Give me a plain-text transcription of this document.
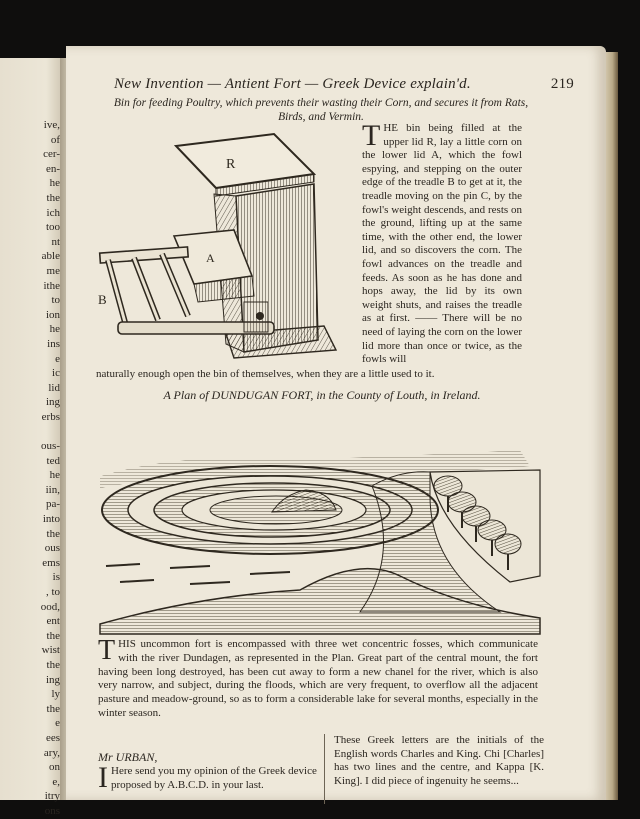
ive,
of
cer-
en-
he
the
ich
too
nt
able
me
ithe
to
ion
he
ins
e
ic
lid
ing
erbs

ous-
ted
he
iin,
pa-
into
the
ous
ems
is
, to
ood,
ent
the
wist
the
ing
ly
the
e
ees
ary,
on
e,
itry
ons
New Invention — Antient Fort — Greek Device explain'd.	219
Bin for feeding Poultry, which prevents their wasting their Corn, and secures it from Rats, Birds, and Vermin.
R
A
B
THE bin being filled at the upper lid R, lay a little corn on the lower lid A, which the fowl espying, and stepping on the outer edge of the treadle B to get at it, the treadle moving on the pin C, by the fowl's weight descends, and rests on the ground, lifting up at the same time, with the other end, the lower lid, and so discovers the corn. The fowl advances on the treadle and feeds. As soon as he has done and hops away, the lid by its own weight shuts, and raises the treadle as at first. —— There will be no need of laying the corn on the lower lid more than once or twice, as the fowls will
naturally enough open the bin of themselves, when they are a little used to it.
A Plan of DUNDUGAN FORT, in the County of Louth, in Ireland.
THIS uncommon fort is encompassed with three wet concentric fosses, which communicate with the river Dundagen, as represented in the Plan. Great part of the central mount, the fort having been long destroyed, has been cut away to form a new chanel for the river, which is also very narrow, and subject, during the floods, which are very frequent, to overflow all the adjacent pasture and meadow-ground, so as to form a considerable lake for several months, especially in the winter season.
Mr URBAN,
I Here send you my opinion of the Greek device proposed by A.B.C.D. in your last.
These Greek letters are the initials of the English words Charles and King. Chi [Charles] has two lines and the centre, and Kappa [K. King]. I did piece of ingenuity he seems...
